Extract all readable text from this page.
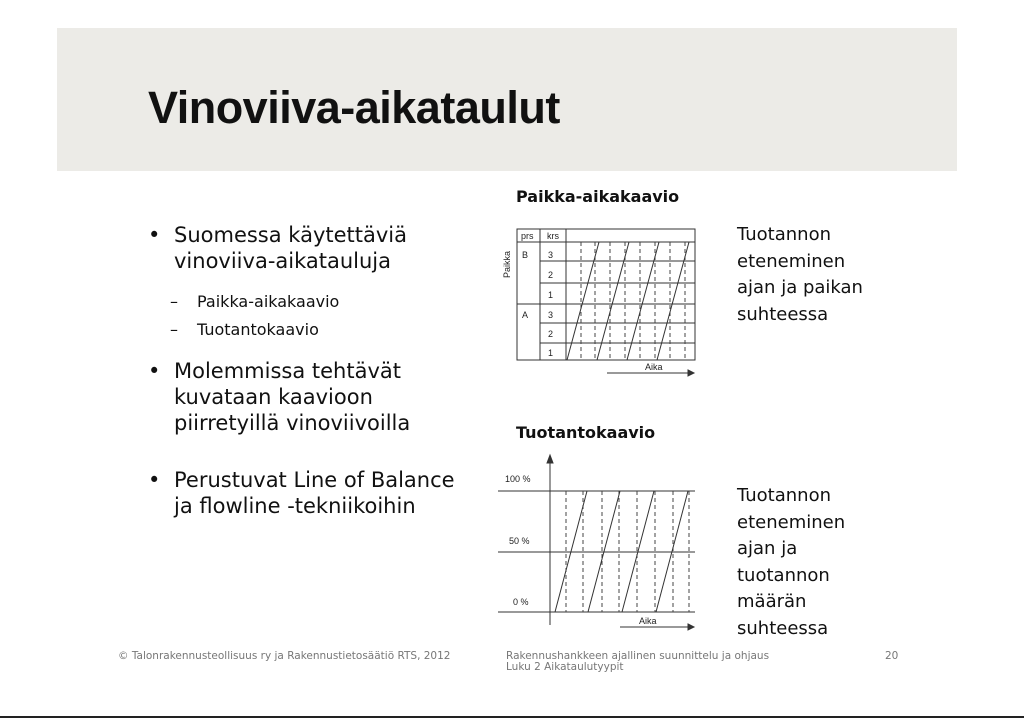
Vinoviiva-aikataulut
• Suomessa käytettäviä
vinoviiva-aikatauluja
– Paikka-aikakaavio
– Tuotantokaavio
• Molemmissa tehtävät
kuvataan kaavioon
piirretyillä vinoviivoilla
• Perustuvat Line of Balance
ja flowline -tekniikoihin
Paikka-aikakaavio
prs krs
B
A
3
2
1
3
2
1
Aika
Paikka
Tuotannon
eteneminen
ajan ja paikan
suhteessa
Tuotantokaavio
100 %
50 %
0 %
Aika
Tuotannon
eteneminen
ajan ja
tuotannon
määrän
suhteessa
© Talonrakennusteollisuus ry ja Rakennustietosäätiö RTS, 2012	Rakennushankkeen ajallinen suunnittelu ja ohjaus
Luku 2 Aikataulutyypit
20
